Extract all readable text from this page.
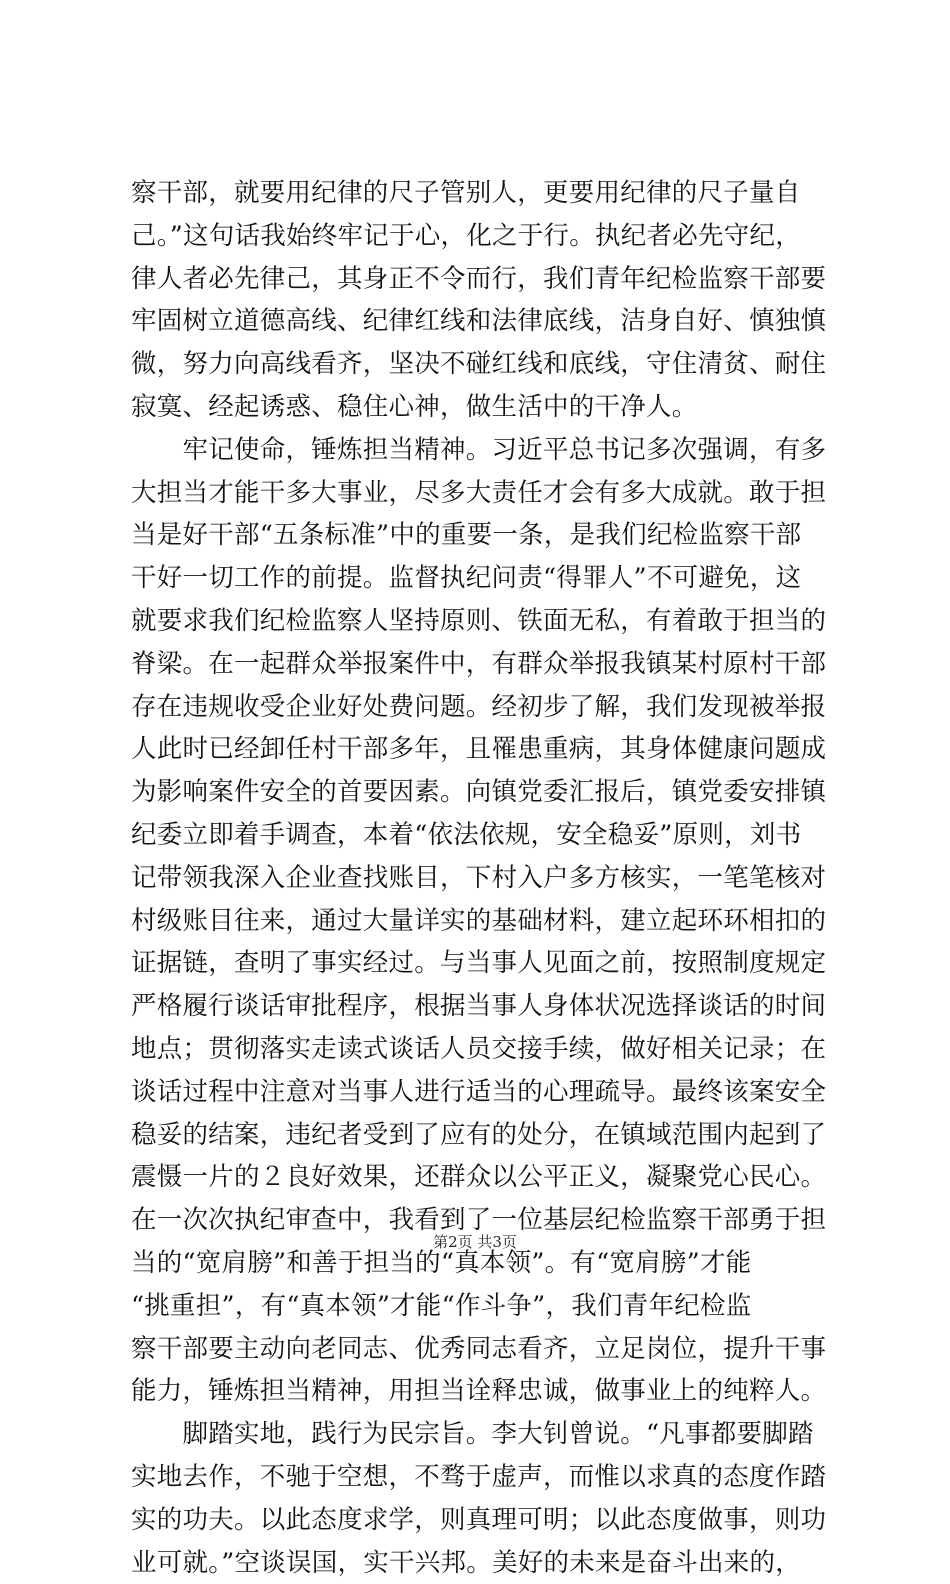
察干部，就要用纪律的尺子管别人，更要用纪律的尺子量自
己。”这句话我始终牢记于心，化之于行。执纪者必先守纪，
律人者必先律己，其身正不令而行，我们青年纪检监察干部要
牢固树立道德高线、纪律红线和法律底线，洁身自好、慎独慎
微，努力向高线看齐，坚决不碰红线和底线，守住清贫、耐住
寂寞、经起诱惑、稳住心神，做生活中的干净人。
　　牢记使命，锤炼担当精神。习近平总书记多次强调，有多
大担当才能干多大事业，尽多大责任才会有多大成就。敢于担
当是好干部“五条标准”中的重要一条，是我们纪检监察干部
干好一切工作的前提。监督执纪问责“得罪人”不可避免，这
就要求我们纪检监察人坚持原则、铁面无私，有着敢于担当的
脊梁。在一起群众举报案件中，有群众举报我镇某村原村干部
存在违规收受企业好处费问题。经初步了解，我们发现被举报
人此时已经卸任村干部多年，且罹患重病，其身体健康问题成
为影响案件安全的首要因素。向镇党委汇报后，镇党委安排镇
纪委立即着手调查，本着“依法依规，安全稳妥”原则，刘书
记带领我深入企业查找账目，下村入户多方核实，一笔笔核对
村级账目往来，通过大量详实的基础材料，建立起环环相扣的
证据链，查明了事实经过。与当事人见面之前，按照制度规定
严格履行谈话审批程序，根据当事人身体状况选择谈话的时间
地点；贯彻落实走读式谈话人员交接手续，做好相关记录；在
谈话过程中注意对当事人进行适当的心理疏导。最终该案安全
稳妥的结案，违纪者受到了应有的处分，在镇域范围内起到了
震慑一片的２良好效果，还群众以公平正义，凝聚党心民心。
在一次次执纪审查中，我看到了一位基层纪检监察干部勇于担
当的“宽肩膀”和善于担当的“真本领”。有“宽肩膀”才能
“挑重担”，有“真本领”才能“作斗争”，我们青年纪检监
察干部要主动向老同志、优秀同志看齐，立足岗位，提升干事
能力，锤炼担当精神，用担当诠释忠诚，做事业上的纯粹人。
　　脚踏实地，践行为民宗旨。李大钊曾说。“凡事都要脚踏
实地去作，不驰于空想，不骛于虚声，而惟以求真的态度作踏
实的功夫。以此态度求学，则真理可明；以此态度做事，则功
业可就。”空谈误国，实干兴邦。美好的未来是奋斗出来的，
第2页 共3页
